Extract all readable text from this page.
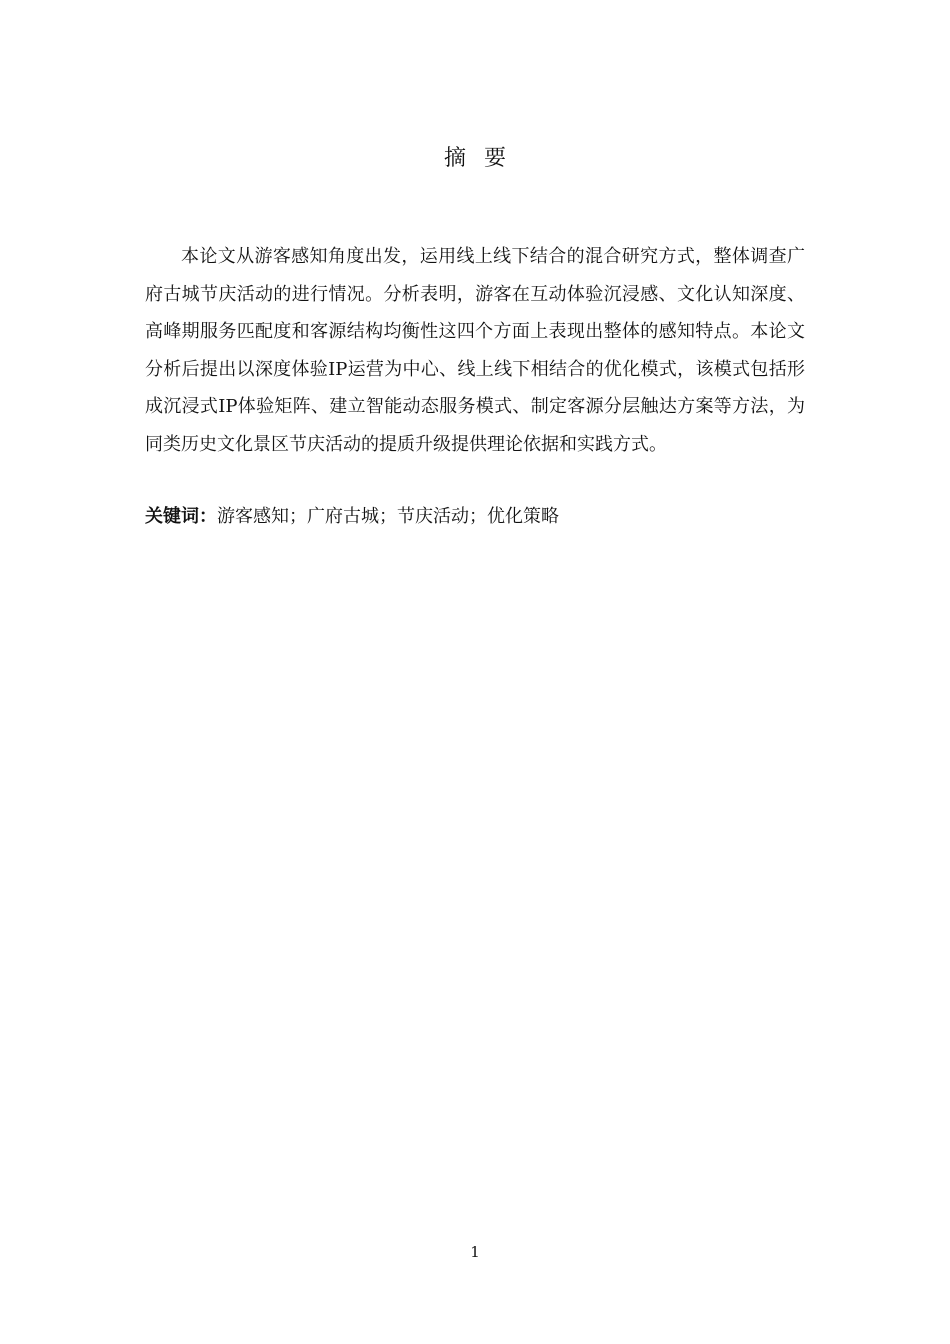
摘要

本论文从游客感知角度出发，运用线上线下结合的混合研究方式，整体调查广府古城节庆活动的进行情况。分析表明，游客在互动体验沉浸感、文化认知深度、高峰期服务匹配度和客源结构均衡性这四个方面上表现出整体的感知特点。本论文分析后提出以深度体验IP运营为中心、线上线下相结合的优化模式，该模式包括形成沉浸式IP体验矩阵、建立智能动态服务模式、制定客源分层触达方案等方法，为同类历史文化景区节庆活动的提质升级提供理论依据和实践方式。

关键词：游客感知；广府古城；节庆活动；优化策略
1
